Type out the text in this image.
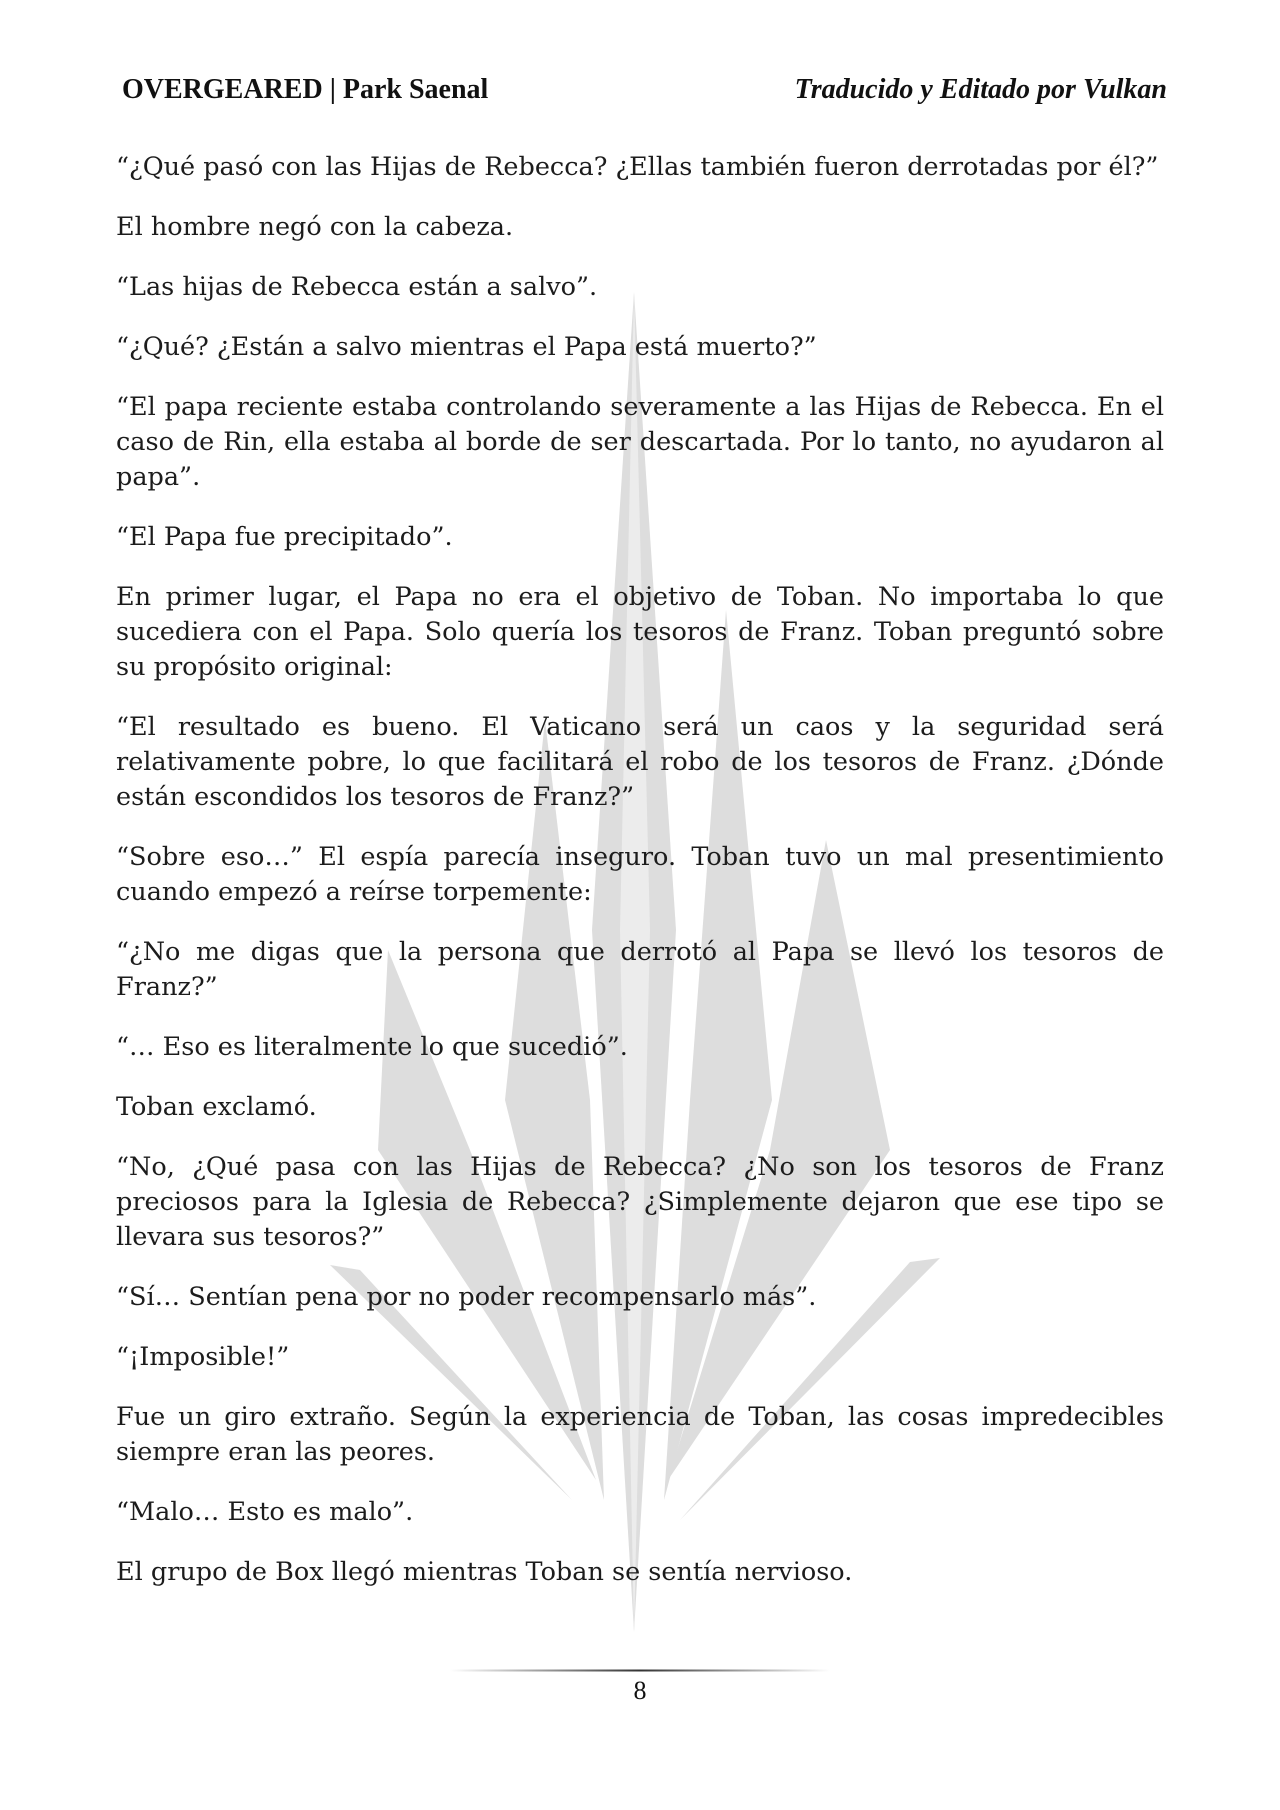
OVERGEARED | Park Saenal	Traducido y Editado por Vulkan

“¿Qué pasó con las Hijas de Rebecca? ¿Ellas también fueron derrotadas por él?”

El hombre negó con la cabeza.

“Las hijas de Rebecca están a salvo”.

“¿Qué? ¿Están a salvo mientras el Papa está muerto?”

“El papa reciente estaba controlando severamente a las Hijas de Rebecca. En el caso de Rin, ella estaba al borde de ser descartada. Por lo tanto, no ayudaron al papa”.

“El Papa fue precipitado”.

En primer lugar, el Papa no era el objetivo de Toban. No importaba lo que sucediera con el Papa. Solo quería los tesoros de Franz. Toban preguntó sobre su propósito original:

“El resultado es bueno. El Vaticano será un caos y la seguridad será relativamente pobre, lo que facilitará el robo de los tesoros de Franz. ¿Dónde están escondidos los tesoros de Franz?”

“Sobre eso…” El espía parecía inseguro. Toban tuvo un mal presentimiento cuando empezó a reírse torpemente:

“¿No me digas que la persona que derrotó al Papa se llevó los tesoros de Franz?”

“… Eso es literalmente lo que sucedió”.

Toban exclamó.

“No, ¿Qué pasa con las Hijas de Rebecca? ¿No son los tesoros de Franz preciosos para la Iglesia de Rebecca? ¿Simplemente dejaron que ese tipo se llevara sus tesoros?”

“Sí… Sentían pena por no poder recompensarlo más”.

“¡Imposible!”

Fue un giro extraño. Según la experiencia de Toban, las cosas impredecibles siempre eran las peores.

“Malo… Esto es malo”.

El grupo de Box llegó mientras Toban se sentía nervioso.

8
